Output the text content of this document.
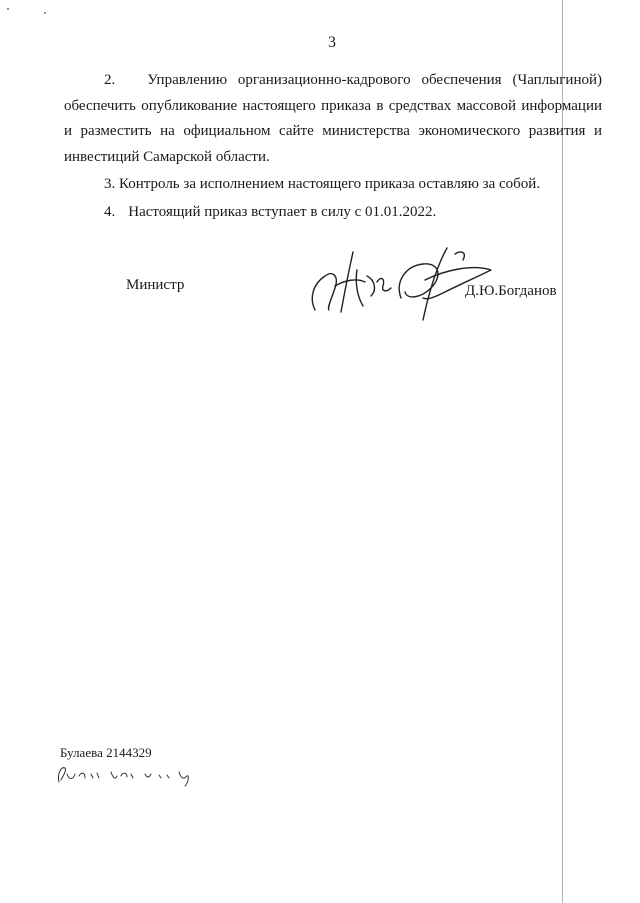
3
2. Управлению организационно-кадрового обеспечения (Чаплыгиной) обеспечить опубликование настоящего приказа в средствах массовой информации и разместить на официальном сайте министерства экономического развития и инвестиций Самарской области.
3. Контроль за исполнением настоящего приказа оставляю за собой.
4. Настоящий приказ вступает в силу с 01.01.2022.
Министр	Д.Ю.Богданов
Булаева 2144329
